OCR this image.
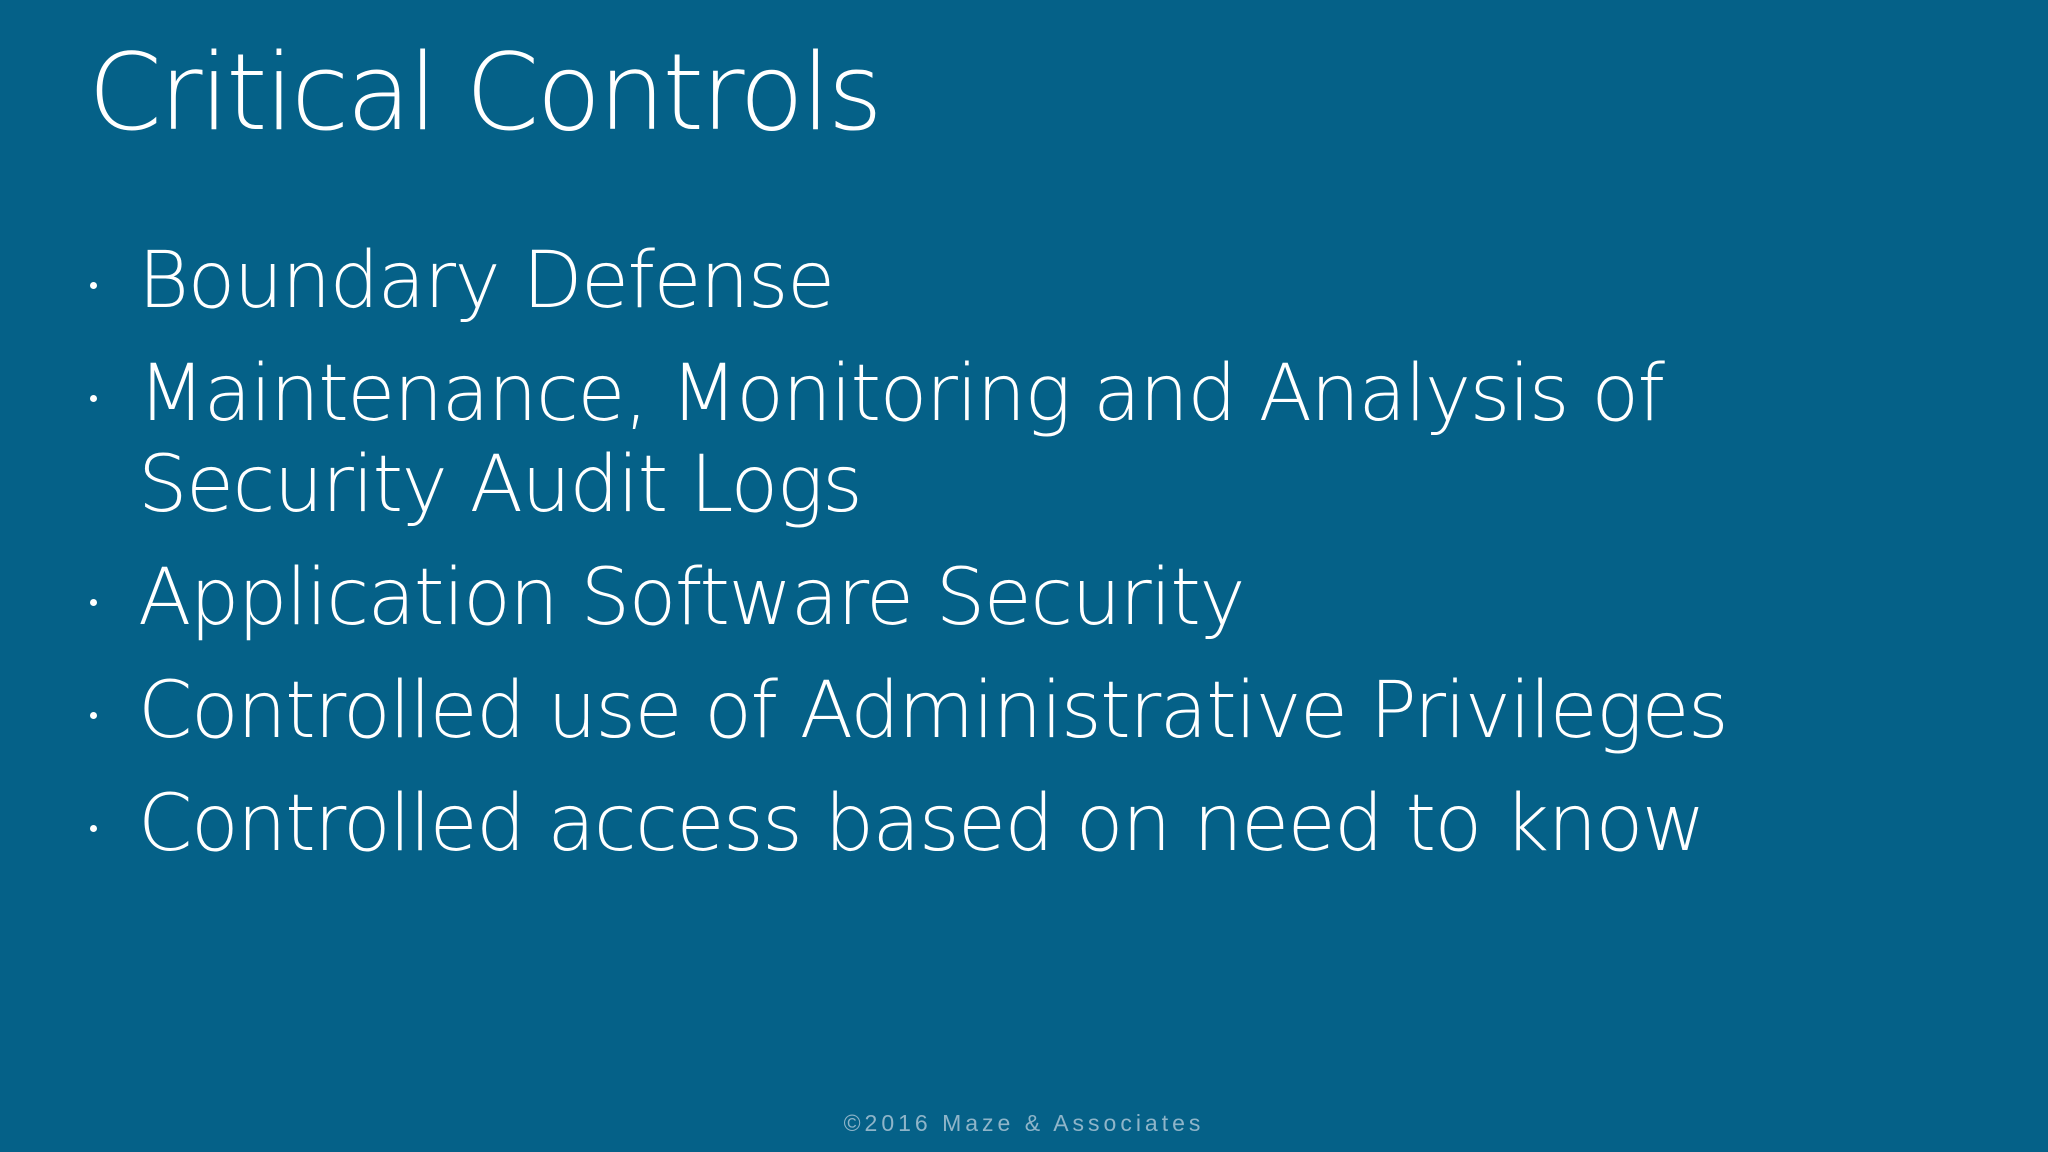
Critical Controls
Boundary Defense
Maintenance, Monitoring and Analysis of Security Audit Logs
Application Software Security
Controlled use of Administrative Privileges
Controlled access based on need to know
©2016 Maze & Associates
